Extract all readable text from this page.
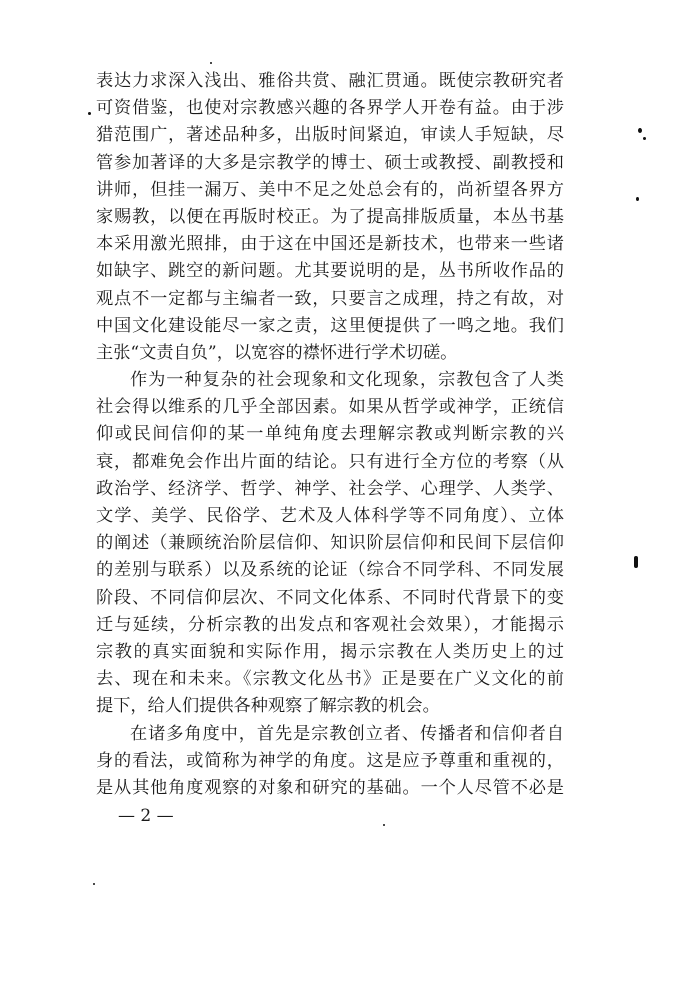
表达力求深入浅出、雅俗共赏、融汇贯通。既使宗教研究者
可资借鉴，也使对宗教感兴趣的各界学人开卷有益。由于涉
猎范围广，著述品种多，出版时间紧迫，审读人手短缺，尽
管参加著译的大多是宗教学的博士、硕士或教授、副教授和
讲师，但挂一漏万、美中不足之处总会有的，尚祈望各界方
家赐教，以便在再版时校正。为了提高排版质量，本丛书基
本采用激光照排，由于这在中国还是新技术，也带来一些诸
如缺字、跳空的新问题。尤其要说明的是，丛书所收作品的
观点不一定都与主编者一致，只要言之成理，持之有故，对
中国文化建设能尽一家之责，这里便提供了一鸣之地。我们
主张“文责自负”，以宽容的襟怀进行学术切磋。
作为一种复杂的社会现象和文化现象，宗教包含了人类
社会得以维系的几乎全部因素。如果从哲学或神学，正统信
仰或民间信仰的某一单纯角度去理解宗教或判断宗教的兴
衰，都难免会作出片面的结论。只有进行全方位的考察（从
政治学、经济学、哲学、神学、社会学、心理学、人类学、
文学、美学、民俗学、艺术及人体科学等不同角度）、立体
的阐述（兼顾统治阶层信仰、知识阶层信仰和民间下层信仰
的差别与联系）以及系统的论证（综合不同学科、不同发展
阶段、不同信仰层次、不同文化体系、不同时代背景下的变
迁与延续，分析宗教的出发点和客观社会效果），才能揭示
宗教的真实面貌和实际作用，揭示宗教在人类历史上的过
去、现在和未来。《宗教文化丛书》正是要在广义文化的前
提下，给人们提供各种观察了解宗教的机会。
在诸多角度中，首先是宗教创立者、传播者和信仰者自
身的看法，或简称为神学的角度。这是应予尊重和重视的，
是从其他角度观察的对象和研究的基础。一个人尽管不必是
— 2 —
